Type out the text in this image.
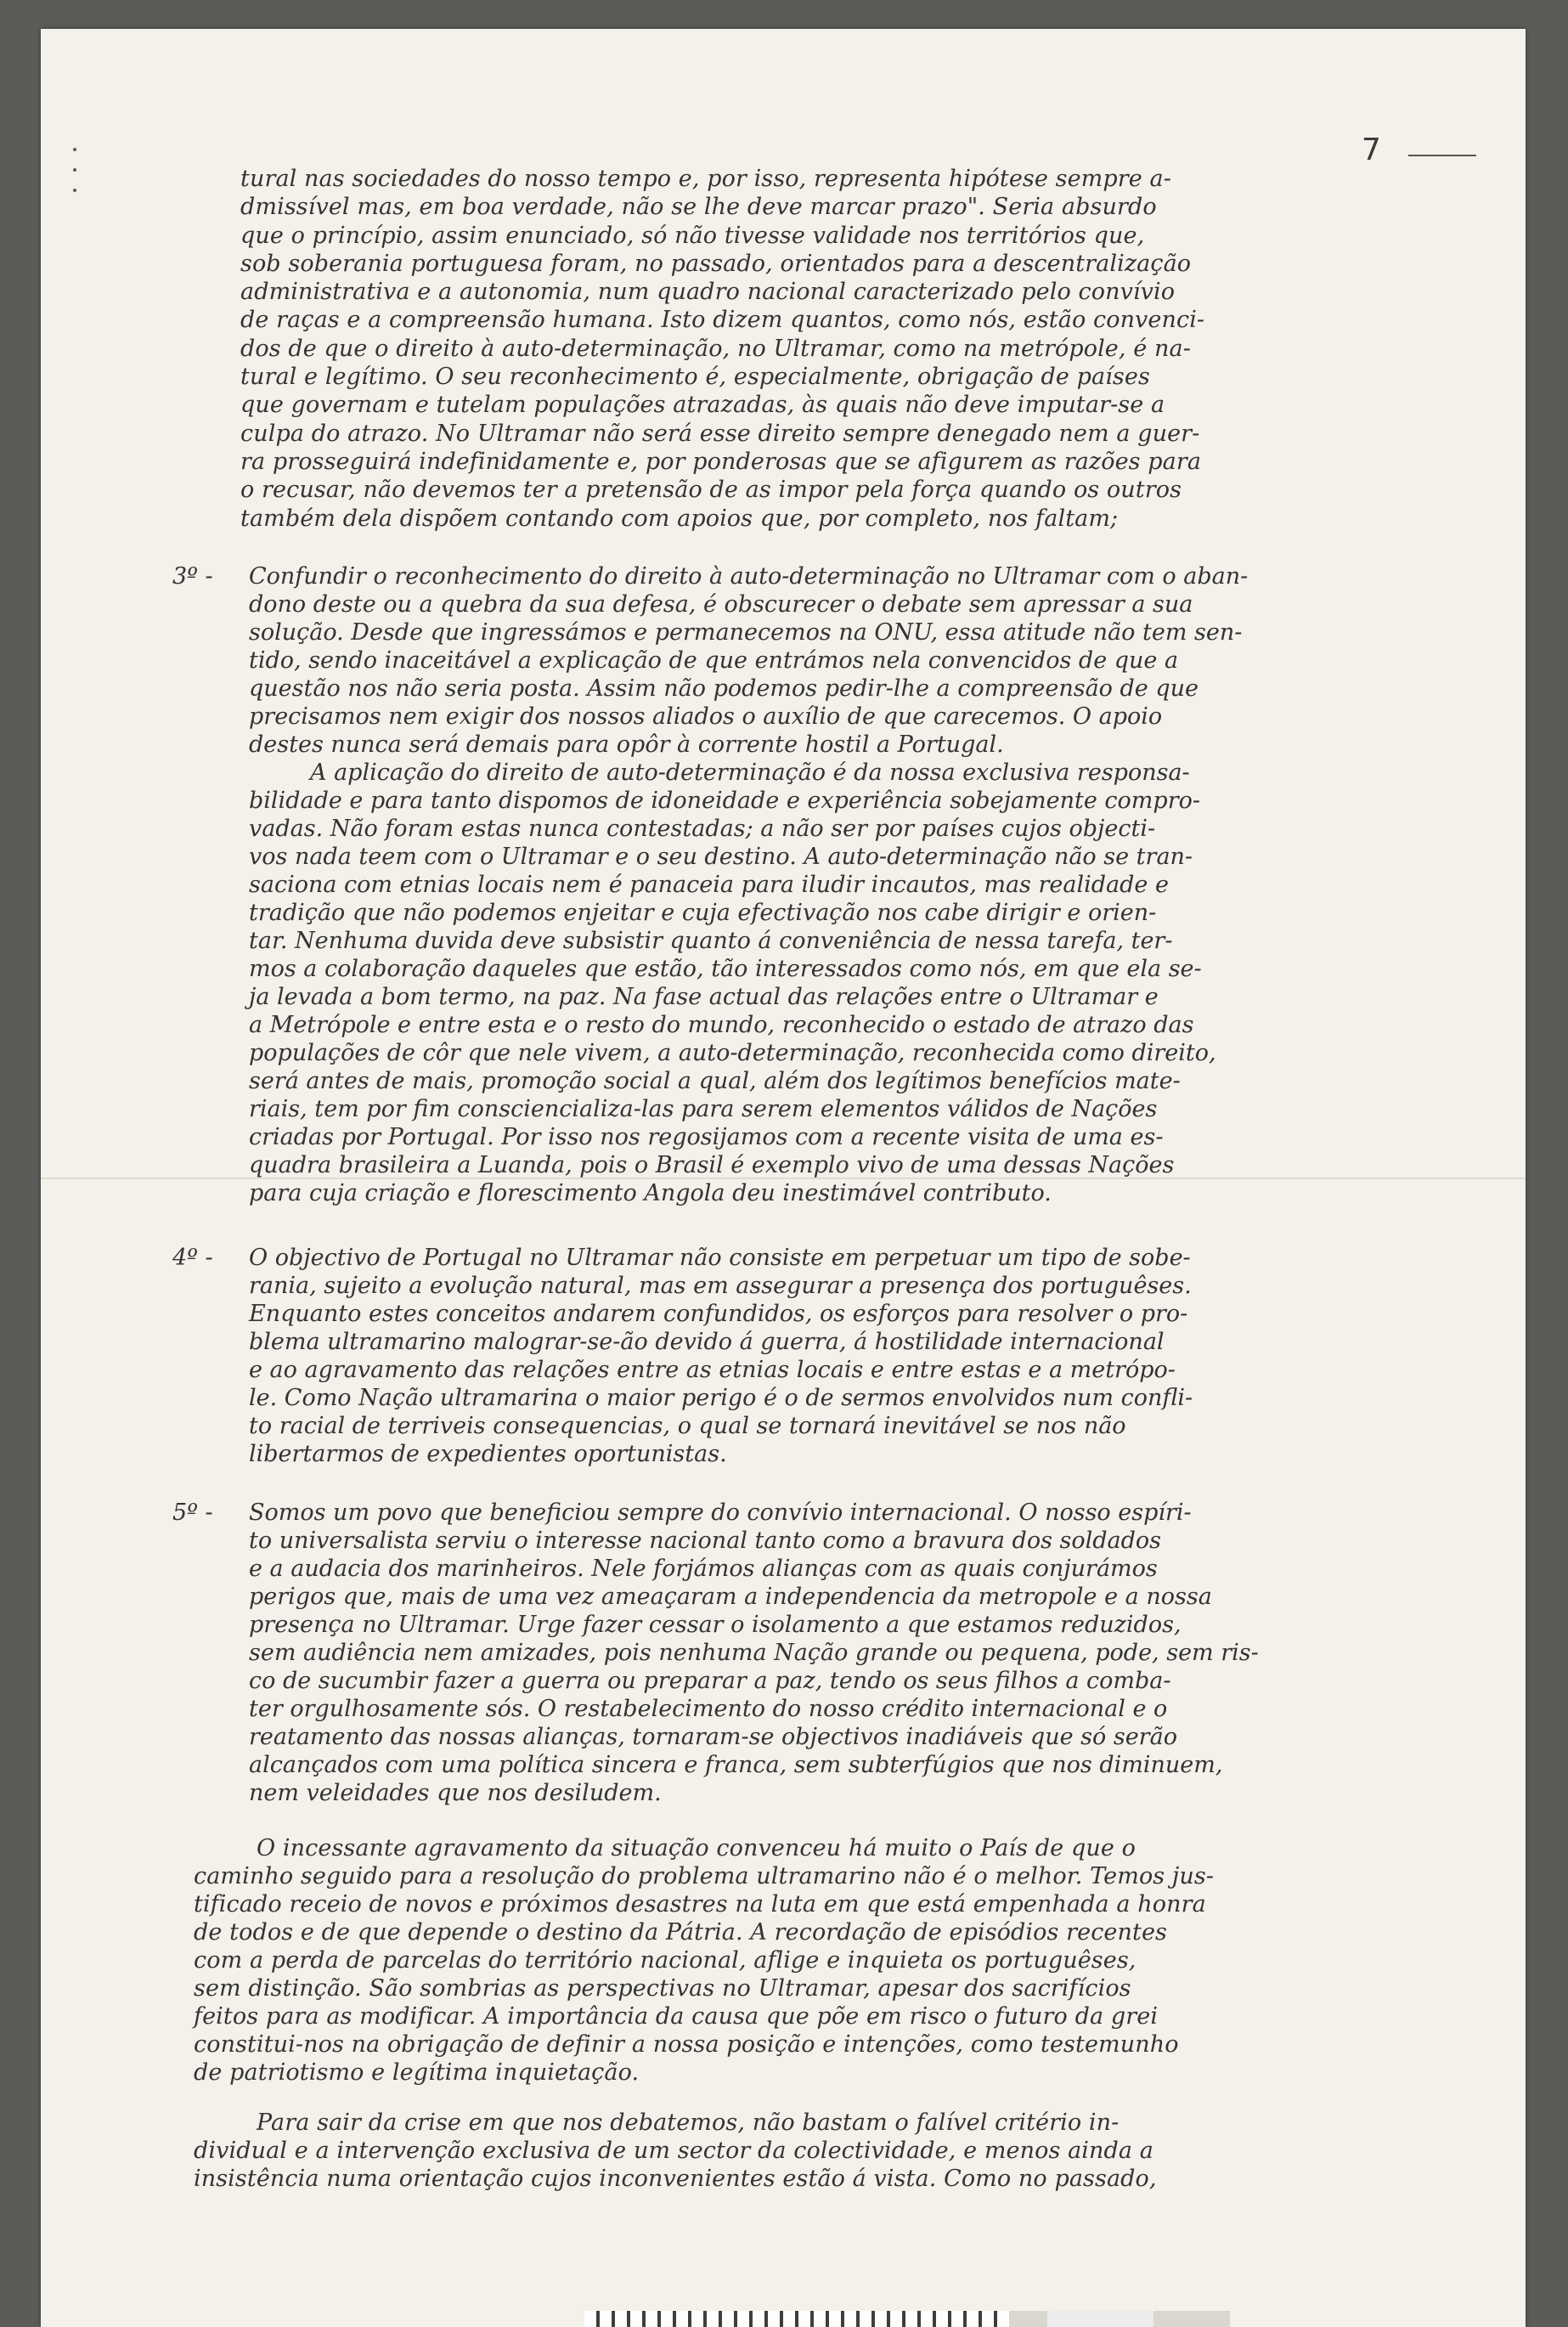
7
tural nas sociedades do nosso tempo e, por isso, representa hipótese sempre a-
dmissível mas, em boa verdade, não se lhe deve marcar prazo". Seria absurdo
que o princípio, assim enunciado, só não tivesse validade nos territórios que,
sob soberania portuguesa foram, no passado, orientados para a descentralização
administrativa e a autonomia, num quadro nacional caracterizado pelo convívio
de raças e a compreensão humana. Isto dizem quantos, como nós, estão convenci-
dos de que o direito à auto-determinação, no Ultramar, como na metrópole, é na-
tural e legítimo. O seu reconhecimento é, especialmente, obrigação de países
que governam e tutelam populações atrazadas, às quais não deve imputar-se a
culpa do atrazo. No Ultramar não será esse direito sempre denegado nem a guer-
ra prosseguirá indefinidamente e, por ponderosas que se afigurem as razões para
o recusar, não devemos ter a pretensão de as impor pela força quando os outros
também dela dispõem contando com apoios que, por completo, nos faltam;
3º -	Confundir o reconhecimento do direito à auto-determinação no Ultramar com o aban-
dono deste ou a quebra da sua defesa, é obscurecer o debate sem apressar a sua
solução. Desde que ingressámos e permanecemos na ONU, essa atitude não tem sen-
tido, sendo inaceitável a explicação de que entrámos nela convencidos de que a
questão nos não seria posta. Assim não podemos pedir-lhe a compreensão de que
precisamos nem exigir dos nossos aliados o auxílio de que carecemos. O apoio
destes nunca será demais para opôr à corrente hostil a Portugal.
A aplicação do direito de auto-determinação é da nossa exclusiva responsa-
bilidade e para tanto dispomos de idoneidade e experiência sobejamente compro-
vadas. Não foram estas nunca contestadas; a não ser por países cujos objecti-
vos nada teem com o Ultramar e o seu destino. A auto-determinação não se tran-
saciona com etnias locais nem é panaceia para iludir incautos, mas realidade e
tradição que não podemos enjeitar e cuja efectivação nos cabe dirigir e orien-
tar. Nenhuma duvida deve subsistir quanto á conveniência de nessa tarefa, ter-
mos a colaboração daqueles que estão, tão interessados como nós, em que ela se-
ja levada a bom termo, na paz. Na fase actual das relações entre o Ultramar e
a Metrópole e entre esta e o resto do mundo, reconhecido o estado de atrazo das
populações de côr que nele vivem, a auto-determinação, reconhecida como direito,
será antes de mais, promoção social a qual, além dos legítimos benefícios mate-
riais, tem por fim consciencializa-las para serem elementos válidos de Nações
criadas por Portugal. Por isso nos regosijamos com a recente visita de uma es-
quadra brasileira a Luanda, pois o Brasil é exemplo vivo de uma dessas Nações
para cuja criação e florescimento Angola deu inestimável contributo.
4º -	O objectivo de Portugal no Ultramar não consiste em perpetuar um tipo de sobe-
rania, sujeito a evolução natural, mas em assegurar a presença dos portuguêses.
Enquanto estes conceitos andarem confundidos, os esforços para resolver o pro-
blema ultramarino malograr-se-ão devido á guerra, á hostilidade internacional
e ao agravamento das relações entre as etnias locais e entre estas e a metrópo-
le. Como Nação ultramarina o maior perigo é o de sermos envolvidos num confli-
to racial de terriveis consequencias, o qual se tornará inevitável se nos não
libertarmos de expedientes oportunistas.
5º -	Somos um povo que beneficiou sempre do convívio internacional. O nosso espíri-
to universalista serviu o interesse nacional tanto como a bravura dos soldados
e a audacia dos marinheiros. Nele forjámos alianças com as quais conjurámos
perigos que, mais de uma vez ameaçaram a independencia da metropole e a nossa
presença no Ultramar. Urge fazer cessar o isolamento a que estamos reduzidos,
sem audiência nem amizades, pois nenhuma Nação grande ou pequena, pode, sem ris-
co de sucumbir fazer a guerra ou preparar a paz, tendo os seus filhos a comba-
ter orgulhosamente sós. O restabelecimento do nosso crédito internacional e o
reatamento das nossas alianças, tornaram-se objectivos inadiáveis que só serão
alcançados com uma política sincera e franca, sem subterfúgios que nos diminuem,
nem veleidades que nos desiludem.
O incessante agravamento da situação convenceu há muito o País de que o
caminho seguido para a resolução do problema ultramarino não é o melhor. Temos jus-
tificado receio de novos e próximos desastres na luta em que está empenhada a honra
de todos e de que depende o destino da Pátria. A recordação de episódios recentes
com a perda de parcelas do território nacional, aflige e inquieta os portuguêses,
sem distinção. São sombrias as perspectivas no Ultramar, apesar dos sacrifícios
feitos para as modificar. A importância da causa que põe em risco o futuro da grei
constitui-nos na obrigação de definir a nossa posição e intenções, como testemunho
de patriotismo e legítima inquietação.
Para sair da crise em que nos debatemos, não bastam o falível critério in-
dividual e a intervenção exclusiva de um sector da colectividade, e menos ainda a
insistência numa orientação cujos inconvenientes estão á vista. Como no passado,
